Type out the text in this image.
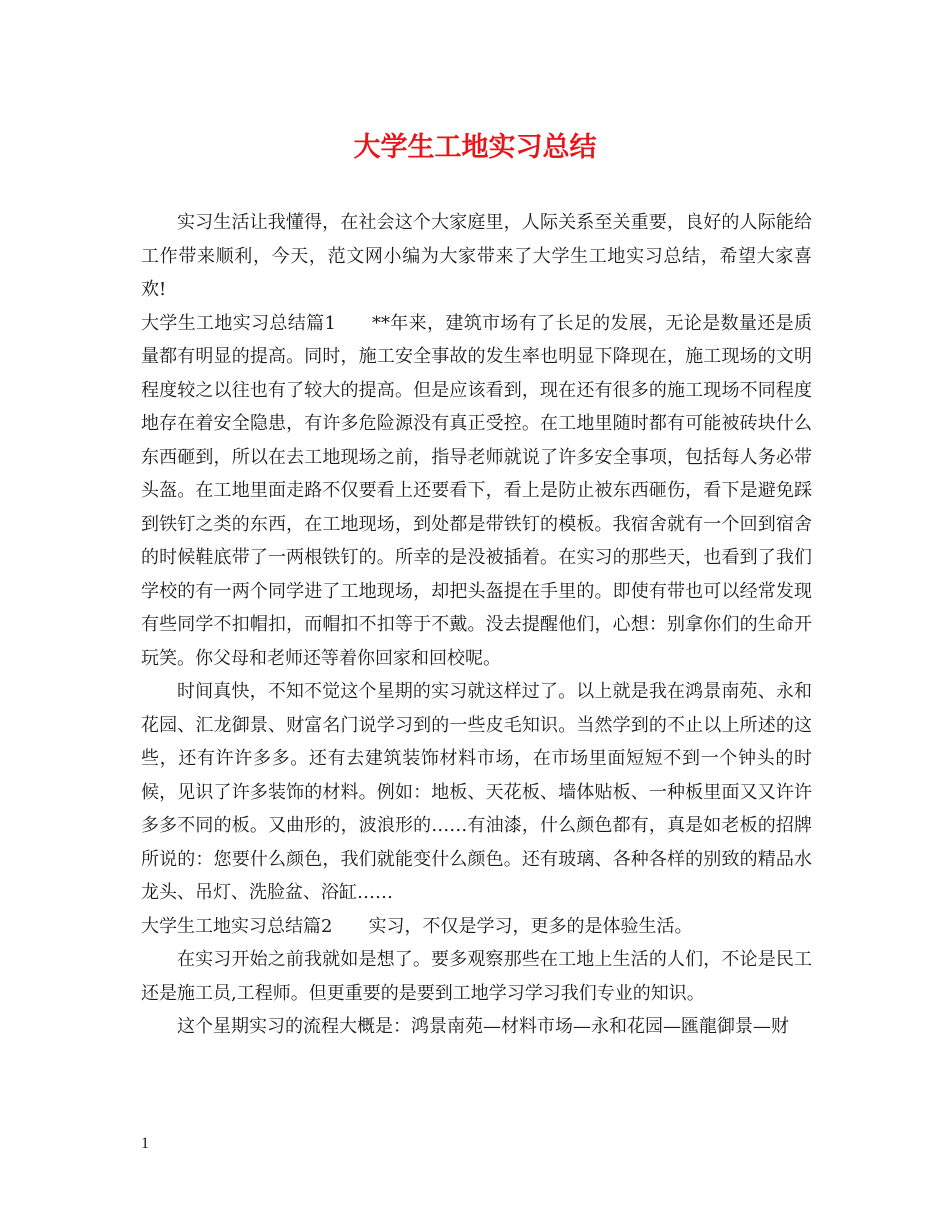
大学生工地实习总结

实习生活让我懂得，在社会这个大家庭里，人际关系至关重要，良好的人际能给工作带来顺利，今天，范文网小编为大家带来了大学生工地实习总结，希望大家喜欢!

大学生工地实习总结篇1 **年来，建筑市场有了长足的发展，无论是数量还是质量都有明显的提高。同时，施工安全事故的发生率也明显下降现在，施工现场的文明程度较之以往也有了较大的提高。但是应该看到，现在还有很多的施工现场不同程度地存在着安全隐患，有许多危险源没有真正受控。在工地里随时都有可能被砖块什么东西砸到，所以在去工地现场之前，指导老师就说了许多安全事项，包括每人务必带头盔。在工地里面走路不仅要看上还要看下，看上是防止被东西砸伤，看下是避免踩到铁钉之类的东西，在工地现场，到处都是带铁钉的模板。我宿舍就有一个回到宿舍的时候鞋底带了一两根铁钉的。所幸的是没被插着。在实习的那些天，也看到了我们学校的有一两个同学进了工地现场，却把头盔提在手里的。即使有带也可以经常发现有些同学不扣帽扣，而帽扣不扣等于不戴。没去提醒他们，心想：别拿你们的生命开玩笑。你父母和老师还等着你回家和回校呢。

时间真快，不知不觉这个星期的实习就这样过了。以上就是我在鸿景南苑、永和花园、汇龙御景、财富名门说学习到的一些皮毛知识。当然学到的不止以上所述的这些，还有许许多多。还有去建筑装饰材料市场，在市场里面短短不到一个钟头的时候，见识了许多装饰的材料。例如：地板、天花板、墙体贴板、一种板里面又又许许多多不同的板。又曲形的，波浪形的……有油漆，什么颜色都有，真是如老板的招牌所说的：您要什么颜色，我们就能变什么颜色。还有玻璃、各种各样的别致的精品水龙头、吊灯、洗脸盆、浴缸……

大学生工地实习总结篇2 实习，不仅是学习，更多的是体验生活。

在实习开始之前我就如是想了。要多观察那些在工地上生活的人们，不论是民工还是施工员,工程师。但更重要的是要到工地学习学习我们专业的知识。

这个星期实习的流程大概是：鸿景南苑—材料市场—永和花园—匯龍御景—财

1
